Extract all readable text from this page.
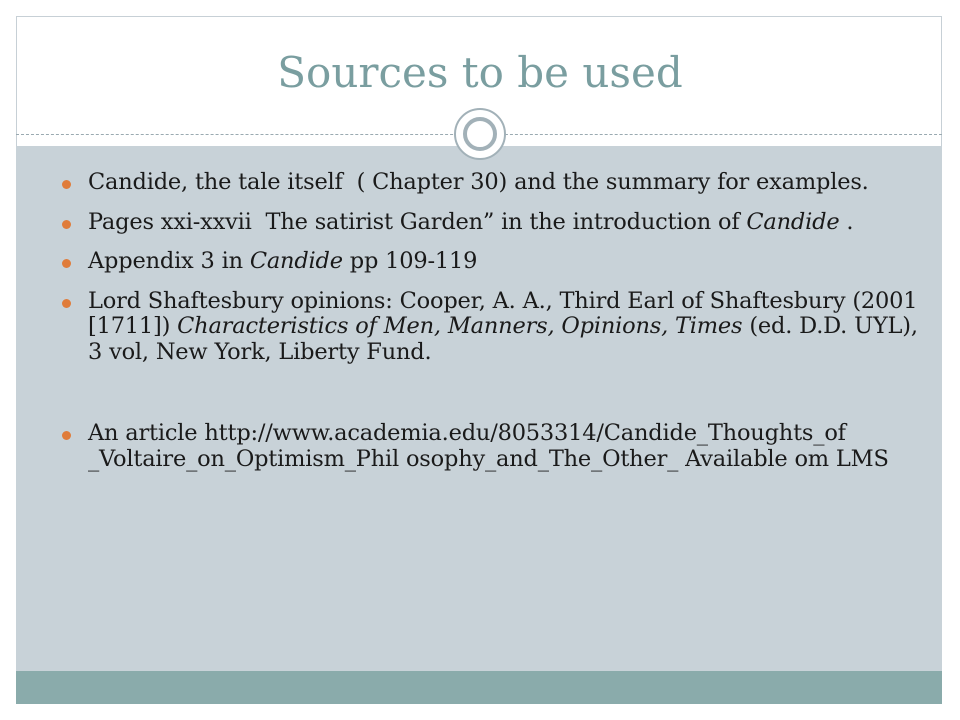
Sources to be used
Candide, the tale itself  ( Chapter 30) and the summary for examples.
Pages xxi-xxvii  The satirist Garden” in the introduction of Candide .
Appendix 3 in Candide pp 109-119
Lord Shaftesbury opinions: Cooper, A. A., Third Earl of Shaftesbury (2001 [1711]) Characteristics of Men, Manners, Opinions, Times (ed. D.D. UYL), 3 vol, New York, Liberty Fund.
An article http://www.academia.edu/8053314/Candide_Thoughts_of _Voltaire_on_Optimism_Phil osophy_and_The_Other_ Available om LMS
